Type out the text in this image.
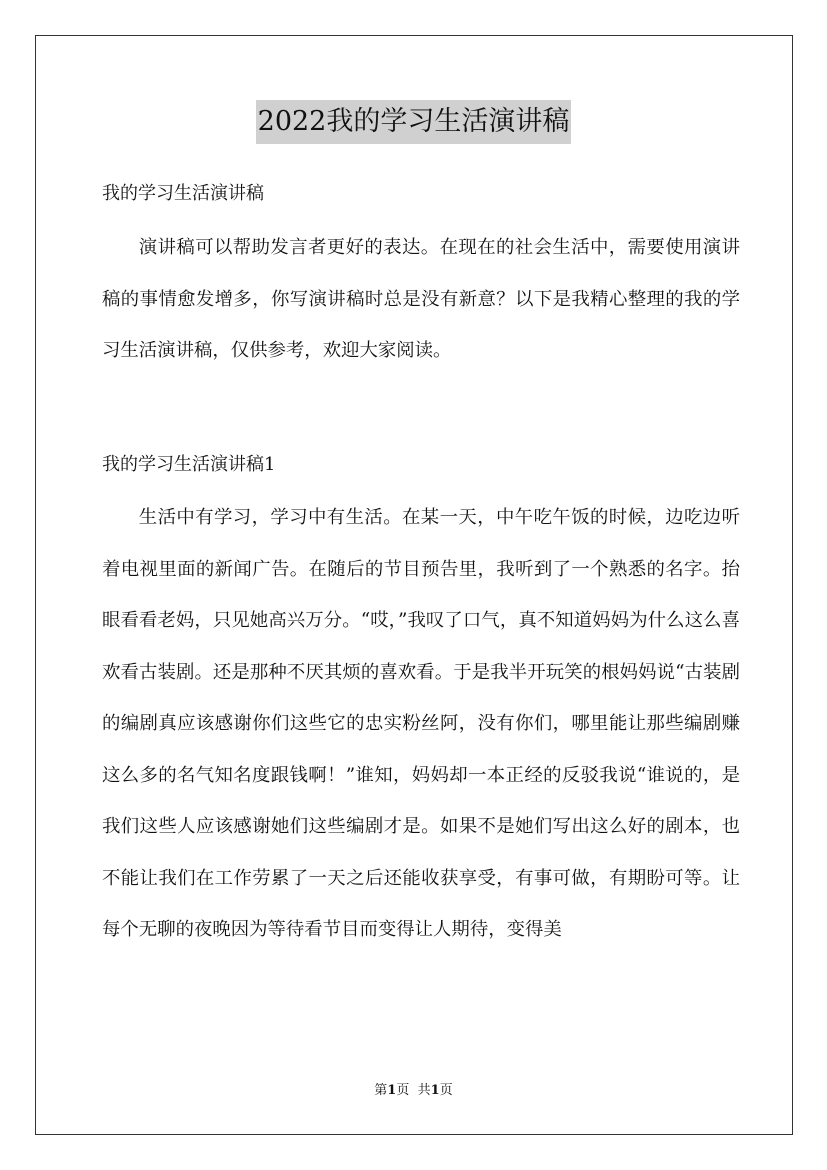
2022我的学习生活演讲稿
我的学习生活演讲稿

演讲稿可以帮助发言者更好的表达。在现在的社会生活中，需要使用演讲稿的事情愈发增多，你写演讲稿时总是没有新意？以下是我精心整理的我的学习生活演讲稿，仅供参考，欢迎大家阅读。

我的学习生活演讲稿1

生活中有学习，学习中有生活。在某一天，中午吃午饭的时候，边吃边听着电视里面的新闻广告。在随后的节目预告里，我听到了一个熟悉的名字。抬眼看看老妈，只见她高兴万分。“哎，”我叹了口气，真不知道妈妈为什么这么喜欢看古装剧。还是那种不厌其烦的喜欢看。于是我半开玩笑的根妈妈说“古装剧的编剧真应该感谢你们这些它的忠实粉丝阿，没有你们，哪里能让那些编剧赚这么多的名气知名度跟钱啊！”谁知，妈妈却一本正经的反驳我说“谁说的，是我们这些人应该感谢她们这些编剧才是。如果不是她们写出这么好的剧本，也不能让我们在工作劳累了一天之后还能收获享受，有事可做，有期盼可等。让每个无聊的夜晚因为等待看节目而变得让人期待，变得美

第1页 共1页
